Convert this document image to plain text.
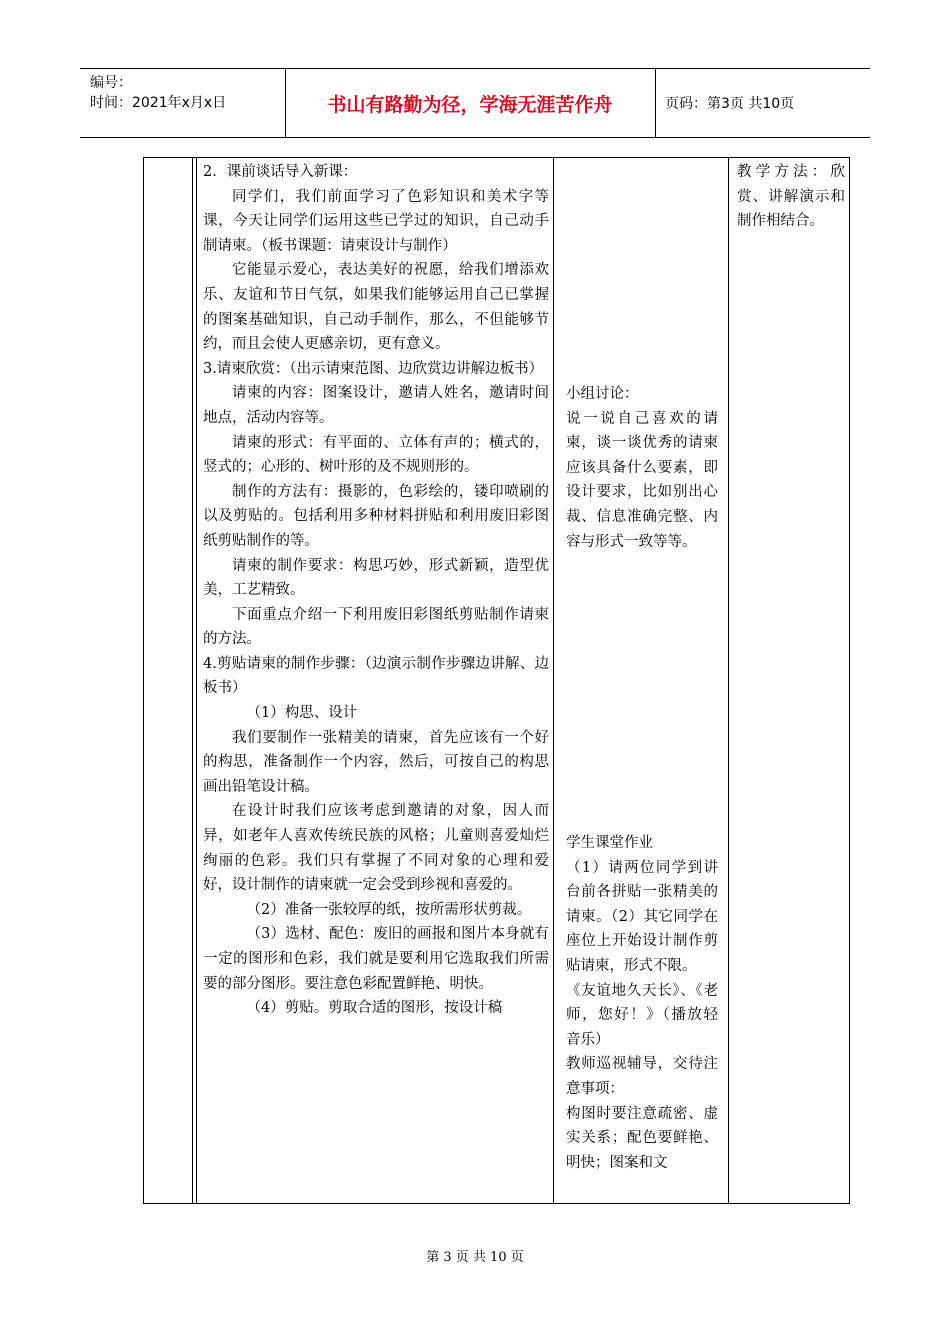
编号：
时间：2021年x月x日	书山有路勤为径，学海无涯苦作舟	页码：第3页 共10页

2．课前谈话导入新课：

同学们，我们前面学习了色彩知识和美术字等课，今天让同学们运用这些已学过的知识，自己动手制请柬。（板书课题：请柬设计与制作）

它能显示爱心，表达美好的祝愿，给我们增添欢乐、友谊和节日气氛，如果我们能够运用自己已掌握的图案基础知识，自己动手制作，那么，不但能够节约，而且会使人更感亲切，更有意义。

3.请柬欣赏：（出示请柬范图、边欣赏边讲解边板书）

请柬的内容：图案设计，邀请人姓名，邀请时间地点，活动内容等。

请柬的形式：有平面的、立体有声的；横式的，竖式的；心形的、树叶形的及不规则形的。

制作的方法有：摄影的，色彩绘的，镂印喷刷的以及剪贴的。包括利用多种材料拼贴和利用废旧彩图纸剪贴制作的等。

请柬的制作要求：构思巧妙，形式新颖，造型优美，工艺精致。

下面重点介绍一下利用废旧彩图纸剪贴制作请柬的方法。

4.剪贴请柬的制作步骤：（边演示制作步骤边讲解、边板书）

（1）构思、设计

我们要制作一张精美的请柬，首先应该有一个好的构思，准备制作一个内容，然后，可按自己的构思画出铅笔设计稿。

在设计时我们应该考虑到邀请的对象，因人而异，如老年人喜欢传统民族的风格；儿童则喜爱灿烂绚丽的色彩。我们只有掌握了不同对象的心理和爱好，设计制作的请柬就一定会受到珍视和喜爱的。

（2）准备一张较厚的纸，按所需形状剪裁。

（3）选材、配色：废旧的画报和图片本身就有一定的图形和色彩，我们就是要利用它选取我们所需要的部分图形。要注意色彩配置鲜艳、明快。

（4）剪贴。剪取合适的图形，按设计稿

小组讨论：

说一说自己喜欢的请柬，谈一谈优秀的请柬应该具备什么要素，即设计要求，比如别出心裁、信息准确完整、内容与形式一致等等。

学生课堂作业

（1）请两位同学到讲台前各拼贴一张精美的请柬。（2）其它同学在座位上开始设计制作剪贴请柬，形式不限。

《友谊地久天长》、《老师，您好！》（播放轻音乐）

教师巡视辅导，交待注意事项：

构图时要注意疏密、虚实关系；配色要鲜艳、明快；图案和文

教学方法：欣赏、讲解演示和制作相结合。

第 3 页 共 10 页
